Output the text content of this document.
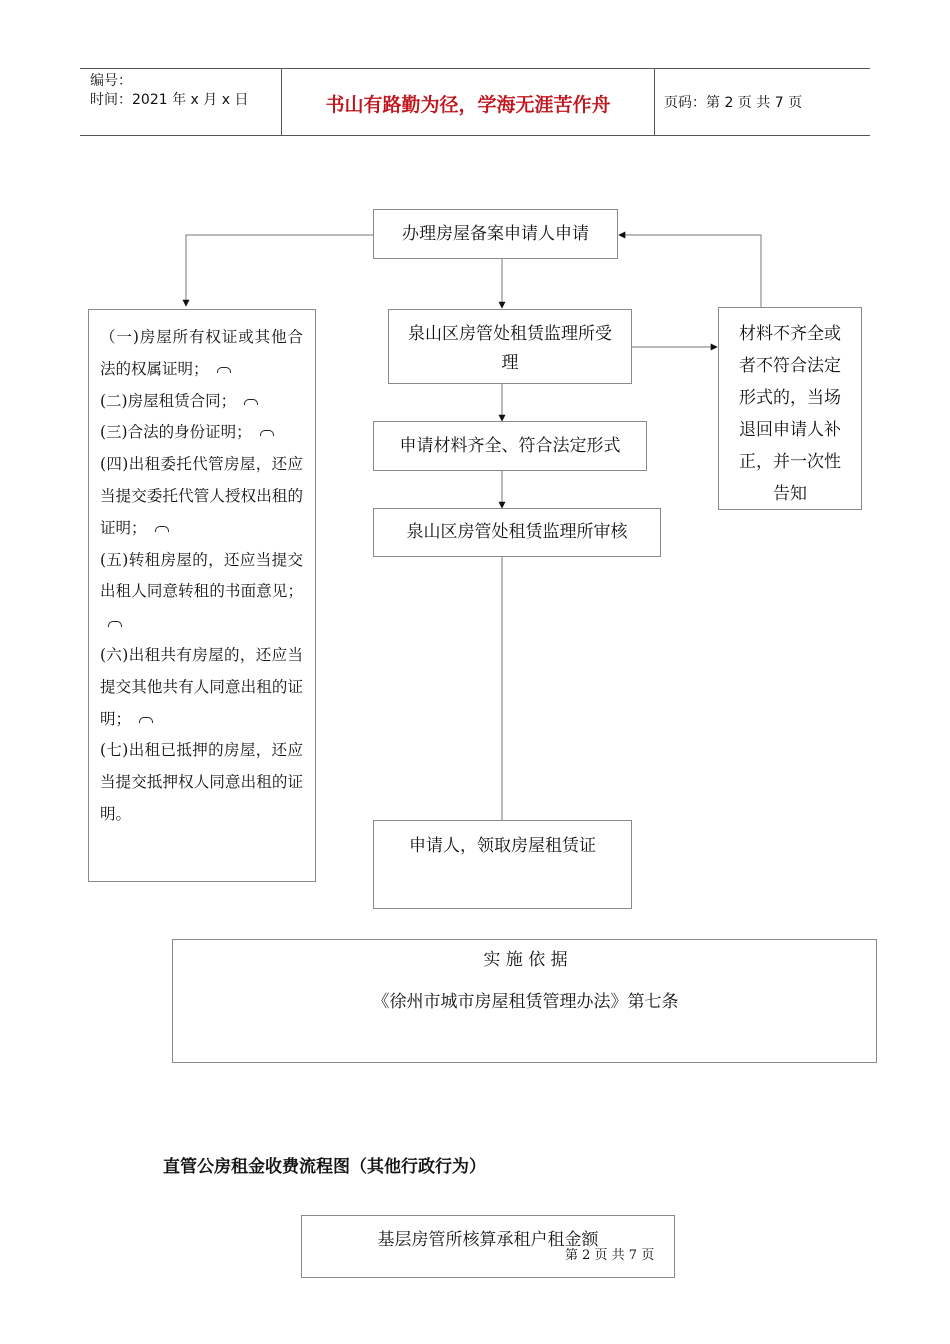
编号：
时间：2021 年 x 月 x 日	书山有路勤为径，学海无涯苦作舟	页码：第 2 页 共 7 页
办理房屋备案申请人申请
泉山区房管处租赁监理所受理
申请材料齐全、符合法定形式
泉山区房管处租赁监理所审核
申请人，领取房屋租赁证
材料不齐全或者不符合法定形式的，当场退回申请人补正，并一次性告知

（一)房屋所有权证或其他合法的权属证明；

(二)房屋租赁合同；

(三)合法的身份证明；

(四)出租委托代管房屋，还应当提交委托代管人授权出租的证明；

(五)转租房屋的，还应当提交出租人同意转租的书面意见；

(六)出租共有房屋的，还应当提交其他共有人同意出租的证明；

(七)出租已抵押的房屋，还应当提交抵押权人同意出租的证明。

实 施 依 据
《徐州市城市房屋租赁管理办法》第七条
直管公房租金收费流程图（其他行政行为）
基层房管所核算承租户租金额
第 2 页 共 7 页
